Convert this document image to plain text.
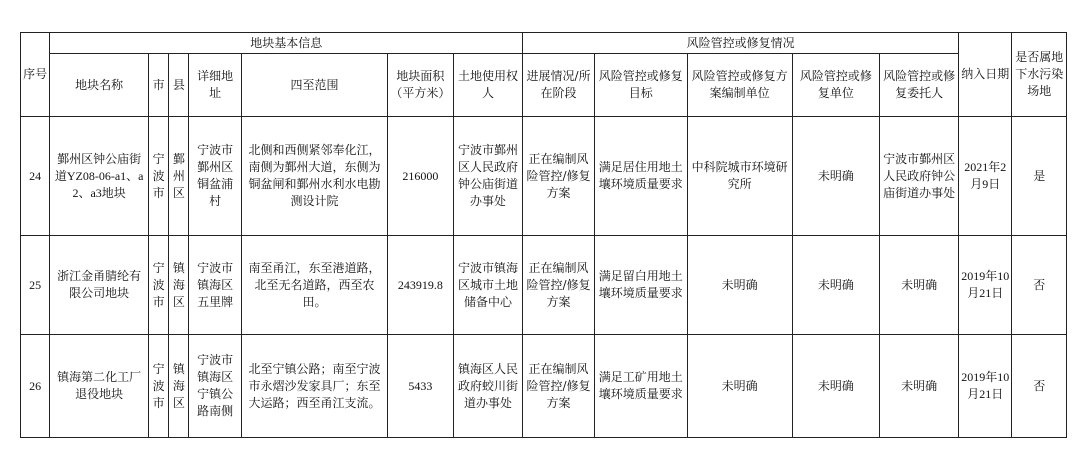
序号	地块基本信息							风险管控或修复情况					纳入日期	是否属地下水污染场地
	地块名称	市	县	详细地址	四至范围	地块面积（平方米）	土地使用权人	进展情况/所在阶段	风险管控或修复目标	风险管控或修复方案编制单位	风险管控或修复单位	风险管控或修复委托人		
24	鄞州区钟公庙街道YZ08-06-a1、a2、a3地块	宁波市	鄞州区	宁波市鄞州区铜盆浦村	北侧和西侧紧邻奉化江，南侧为鄞州大道，东侧为铜盆闸和鄞州水利水电勘测设计院	216000	宁波市鄞州区人民政府钟公庙街道办事处	正在编制风险管控/修复方案	满足居住用地土壤环境质量要求	中科院城市环境研究所	未明确	宁波市鄞州区人民政府钟公庙街道办事处	2021年2月9日	是
25	浙江金甬腈纶有限公司地块	宁波市	镇海区	宁波市镇海区五里牌	南至甬江，东至港道路，北至无名道路，西至农田。	243919.8	宁波市镇海区城市土地储备中心	正在编制风险管控/修复方案	满足留白用地土壤环境质量要求	未明确	未明确	未明确	2019年10月21日	否
26	镇海第二化工厂退役地块	宁波市	镇海区	宁波市镇海区宁镇公路南侧	北至宁镇公路；南至宁波市永熠沙发家具厂；东至大运路；西至甬江支流。	5433	镇海区人民政府蛟川街道办事处	正在编制风险管控/修复方案	满足工矿用地土壤环境质量要求	未明确	未明确	未明确	2019年10月21日	否
